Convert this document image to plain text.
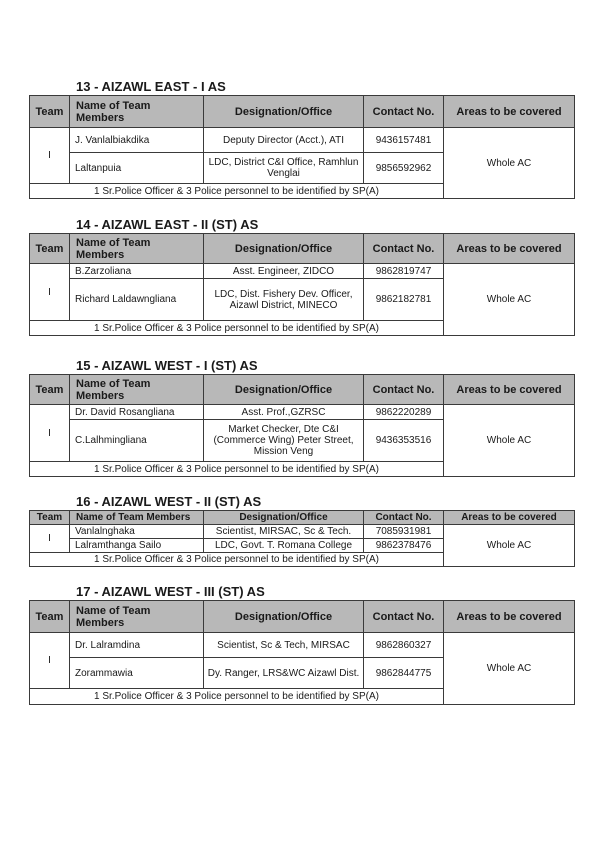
13 - AIZAWL EAST - I AS
Team	Name of Team Members	Designation/Office	Contact No.	Areas to be covered
I	J. Vanlalbiakdika	Deputy Director (Acct.), ATI	9436157481	Whole AC
	Laltanpuia	LDC, District C&I Office, Ramhlun Venglai	9856592962	
1 Sr.Police Officer & 3 Police personnel to be identified by SP(A)				
14 - AIZAWL EAST - II (ST) AS
Team	Name of Team Members	Designation/Office	Contact No.	Areas to be covered
I	B.Zarzoliana	Asst. Engineer, ZIDCO	9862819747	Whole AC
	Richard Laldawngliana	LDC, Dist. Fishery Dev. Officer, Aizawl District, MINECO	9862182781	
1 Sr.Police Officer & 3 Police personnel to be identified by SP(A)				
15 - AIZAWL WEST - I (ST) AS
Team	Name of Team Members	Designation/Office	Contact No.	Areas to be covered
I	Dr. David Rosangliana	Asst. Prof.,GZRSC	9862220289	Whole AC
	C.Lalhmingliana	Market Checker, Dte C&I (Commerce Wing) Peter Street, Mission Veng	9436353516	
1 Sr.Police Officer & 3 Police personnel to be identified by SP(A)				
16 - AIZAWL WEST - II (ST) AS
Team	Name of Team Members	Designation/Office	Contact No.	Areas to be covered
I	Vanlalnghaka	Scientist, MIRSAC, Sc & Tech.	7085931981	Whole AC
	Lalramthanga Sailo	LDC, Govt. T. Romana College	9862378476	
1 Sr.Police Officer & 3 Police personnel to be identified by SP(A)				
17 - AIZAWL WEST - III (ST) AS
Team	Name of Team Members	Designation/Office	Contact No.	Areas to be covered
I	Dr. Lalramdina	Scientist, Sc & Tech, MIRSAC	9862860327	Whole AC
	Zorammawia	Dy. Ranger, LRS&WC Aizawl Dist.	9862844775	
1 Sr.Police Officer & 3 Police personnel to be identified by SP(A)				
